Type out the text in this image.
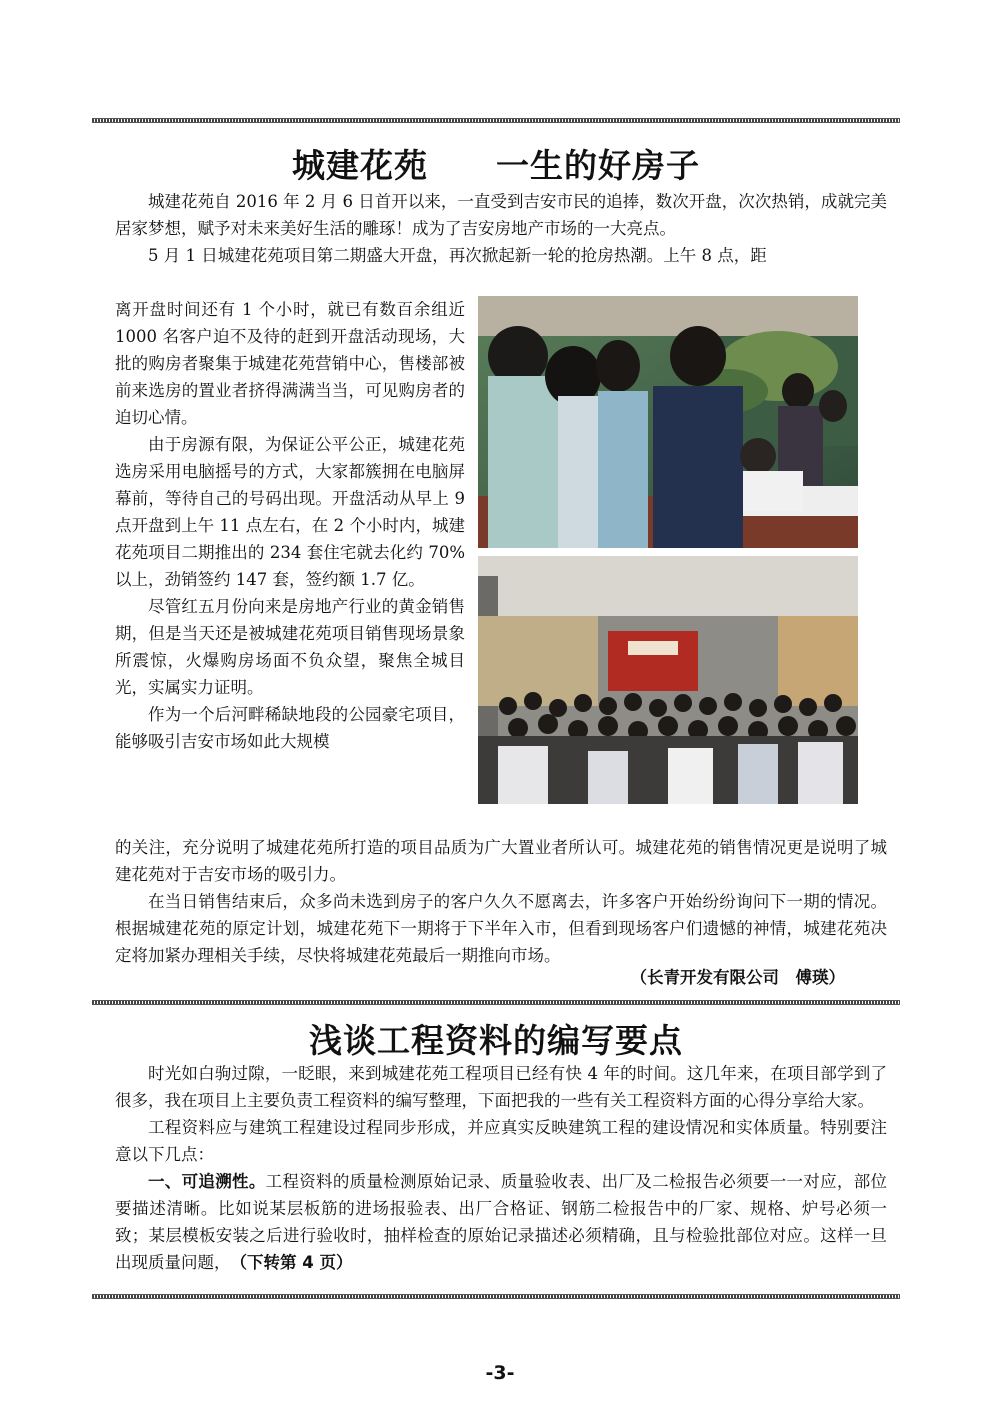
城建花苑　　一生的好房子

城建花苑自 2016 年 2 月 6 日首开以来，一直受到吉安市民的追捧，数次开盘，次次热销，成就完美居家梦想，赋予对未来美好生活的雕琢！成为了吉安房地产市场的一大亮点。

5 月 1 日城建花苑项目第二期盛大开盘，再次掀起新一轮的抢房热潮。上午 8 点，距

离开盘时间还有 1 个小时，就已有数百余组近 1000 名客户迫不及待的赶到开盘活动现场，大批的购房者聚集于城建花苑营销中心，售楼部被前来选房的置业者挤得满满当当，可见购房者的迫切心情。

由于房源有限，为保证公平公正，城建花苑选房采用电脑摇号的方式，大家都簇拥在电脑屏幕前，等待自己的号码出现。开盘活动从早上 9 点开盘到上午 11 点左右，在 2 个小时内，城建花苑项目二期推出的 234 套住宅就去化约 70%以上，劲销签约 147 套，签约额 1.7 亿。

尽管红五月份向来是房地产行业的黄金销售期，但是当天还是被城建花苑项目销售现场景象所震惊，火爆购房场面不负众望，聚焦全城目光，实属实力证明。

作为一个后河畔稀缺地段的公园豪宅项目，能够吸引吉安市场如此大规模

的关注，充分说明了城建花苑所打造的项目品质为广大置业者所认可。城建花苑的销售情况更是说明了城建花苑对于吉安市场的吸引力。

在当日销售结束后，众多尚未选到房子的客户久久不愿离去，许多客户开始纷纷询问下一期的情况。根据城建花苑的原定计划，城建花苑下一期将于下半年入市，但看到现场客户们遗憾的神情，城建花苑决定将加紧办理相关手续，尽快将城建花苑最后一期推向市场。

（长青开发有限公司　傅瑛）
浅谈工程资料的编写要点

时光如白驹过隙，一眨眼，来到城建花苑工程项目已经有快 4 年的时间。这几年来，在项目部学到了很多，我在项目上主要负责工程资料的编写整理，下面把我的一些有关工程资料方面的心得分享给大家。

工程资料应与建筑工程建设过程同步形成，并应真实反映建筑工程的建设情况和实体质量。特别要注意以下几点：

一、可追溯性。工程资料的质量检测原始记录、质量验收表、出厂及二检报告必须要一一对应，部位要描述清晰。比如说某层板筋的进场报验表、出厂合格证、钢筋二检报告中的厂家、规格、炉号必须一致；某层模板安装之后进行验收时，抽样检查的原始记录描述必须精确，且与检验批部位对应。这样一旦出现质量问题，　 （下转第 4 页）

-3-
